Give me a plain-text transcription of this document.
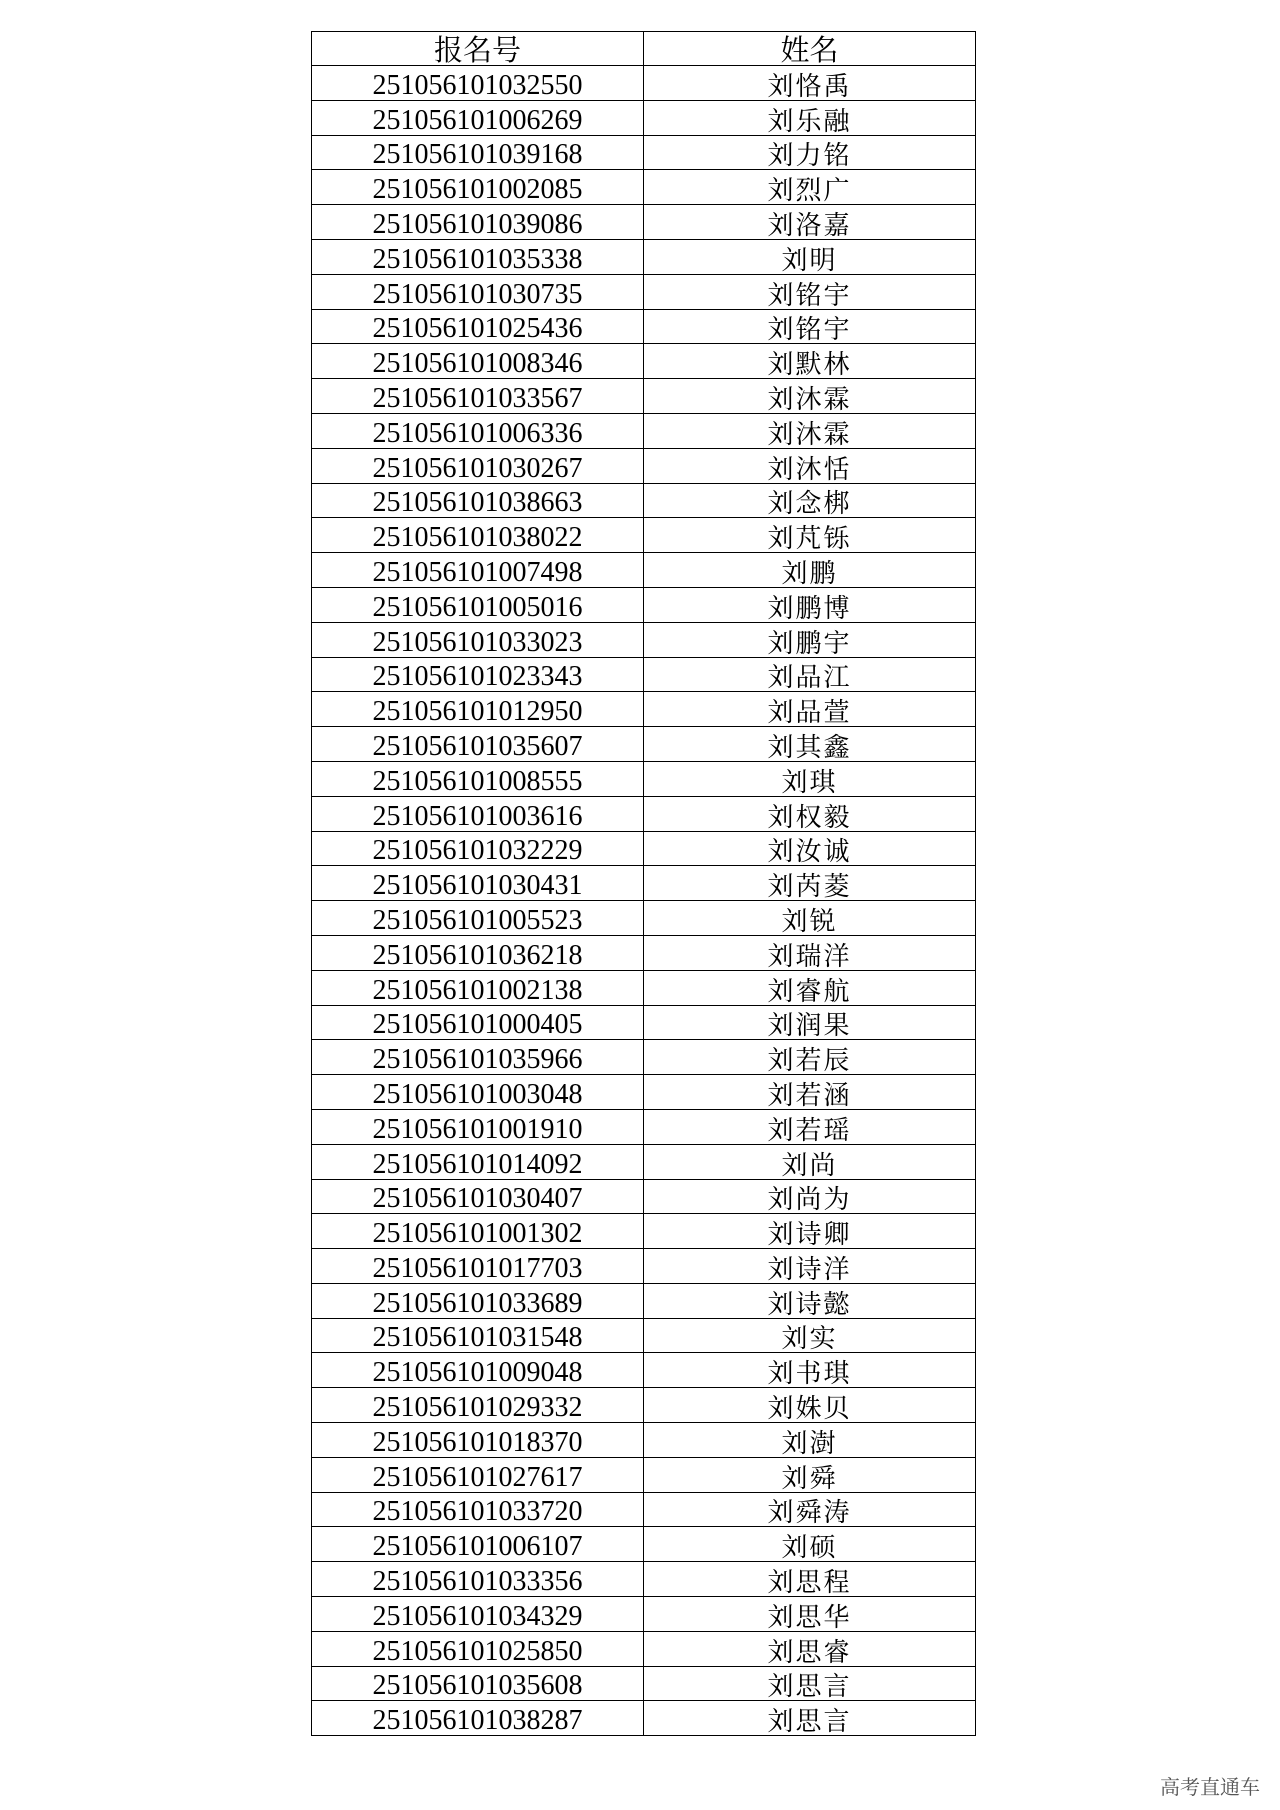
报名号	姓名
251056101032550	刘恪禹
251056101006269	刘乐融
251056101039168	刘力铭
251056101002085	刘烈广
251056101039086	刘洛嘉
251056101035338	刘明
251056101030735	刘铭宇
251056101025436	刘铭宇
251056101008346	刘默林
251056101033567	刘沐霖
251056101006336	刘沐霖
251056101030267	刘沐恬
251056101038663	刘念梆
251056101038022	刘芃铄
251056101007498	刘鹏
251056101005016	刘鹏博
251056101033023	刘鹏宇
251056101023343	刘品江
251056101012950	刘品萱
251056101035607	刘其鑫
251056101008555	刘琪
251056101003616	刘权毅
251056101032229	刘汝诚
251056101030431	刘芮菱
251056101005523	刘锐
251056101036218	刘瑞洋
251056101002138	刘睿航
251056101000405	刘润果
251056101035966	刘若辰
251056101003048	刘若涵
251056101001910	刘若瑶
251056101014092	刘尚
251056101030407	刘尚为
251056101001302	刘诗卿
251056101017703	刘诗洋
251056101033689	刘诗懿
251056101031548	刘实
251056101009048	刘书琪
251056101029332	刘姝贝
251056101018370	刘澍
251056101027617	刘舜
251056101033720	刘舜涛
251056101006107	刘硕
251056101033356	刘思程
251056101034329	刘思华
251056101025850	刘思睿
251056101035608	刘思言
251056101038287	刘思言
高考直通车
